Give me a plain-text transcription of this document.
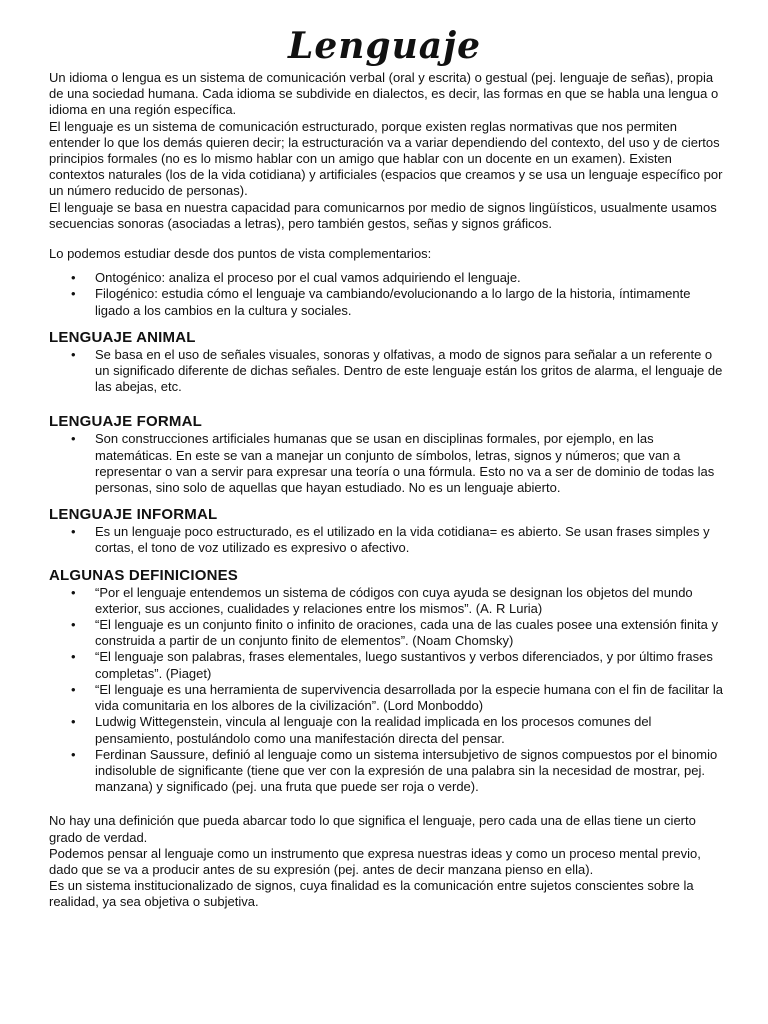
Lenguaje

Un idioma o lengua es un sistema de comunicación verbal (oral y escrita) o gestual (pej. lenguaje de señas), propia de una sociedad humana. Cada idioma se subdivide en dialectos, es decir, las formas en que se habla una lengua o idioma en una región específica.

El lenguaje es un sistema de comunicación estructurado, porque existen reglas normativas que nos permiten entender lo que los demás quieren decir; la estructuración va a variar dependiendo del contexto, del uso y de ciertos principios formales (no es lo mismo hablar con un amigo que hablar con un docente en un examen). Existen contextos naturales (los de la vida cotidiana) y artificiales (espacios que creamos y se usa un lenguaje específico por un número reducido de personas).

El lenguaje se basa en nuestra capacidad para comunicarnos por medio de signos lingüísticos, usualmente usamos secuencias sonoras (asociadas a letras), pero también gestos, señas y signos gráficos.

Lo podemos estudiar desde dos puntos de vista complementarios:

• Ontogénico: analiza el proceso por el cual vamos adquiriendo el lenguaje.
• Filogénico: estudia cómo el lenguaje va cambiando/evolucionando a lo largo de la historia, íntimamente ligado a los cambios en la cultura y sociales.
LENGUAJE ANIMAL
• Se basa en el uso de señales visuales, sonoras y olfativas, a modo de signos para señalar a un referente o un significado diferente de dichas señales. Dentro de este lenguaje están los gritos de alarma, el lenguaje de las abejas, etc.
LENGUAJE FORMAL
• Son construcciones artificiales humanas que se usan en disciplinas formales, por ejemplo, en las matemáticas. En este se van a manejar un conjunto de símbolos, letras, signos y números; que van a representar o van a servir para expresar una teoría o una fórmula. Esto no va a ser de dominio de todas las personas, sino solo de aquellas que hayan estudiado. No es un lenguaje abierto.
LENGUAJE INFORMAL
• Es un lenguaje poco estructurado, es el utilizado en la vida cotidiana= es abierto. Se usan frases simples y cortas, el tono de voz utilizado es expresivo o afectivo.
ALGUNAS DEFINICIONES
• “Por el lenguaje entendemos un sistema de códigos con cuya ayuda se designan los objetos del mundo exterior, sus acciones, cualidades y relaciones entre los mismos”. (A. R Luria)
• “El lenguaje es un conjunto finito o infinito de oraciones, cada una de las cuales posee una extensión finita y construida a partir de un conjunto finito de elementos”. (Noam Chomsky)
• “El lenguaje son palabras, frases elementales, luego sustantivos y verbos diferenciados, y por último frases completas”. (Piaget)
• “El lenguaje es una herramienta de supervivencia desarrollada por la especie humana con el fin de facilitar la vida comunitaria en los albores de la civilización”. (Lord Monboddo)
• Ludwig Wittegenstein, vincula al lenguaje con la realidad implicada en los procesos comunes del pensamiento, postulándolo como una manifestación directa del pensar.
• Ferdinan Saussure, definió al lenguaje como un sistema intersubjetivo de signos compuestos por el binomio indisoluble de significante (tiene que ver con la expresión de una palabra sin la necesidad de mostrar, pej. manzana) y significado (pej. una fruta que puede ser roja o verde).

No hay una definición que pueda abarcar todo lo que significa el lenguaje, pero cada una de ellas tiene un cierto grado de verdad.

Podemos pensar al lenguaje como un instrumento que expresa nuestras ideas y como un proceso mental previo, dado que se va a producir antes de su expresión (pej. antes de decir manzana pienso en ella).

Es un sistema institucionalizado de signos, cuya finalidad es la comunicación entre sujetos conscientes sobre la realidad, ya sea objetiva o subjetiva.
